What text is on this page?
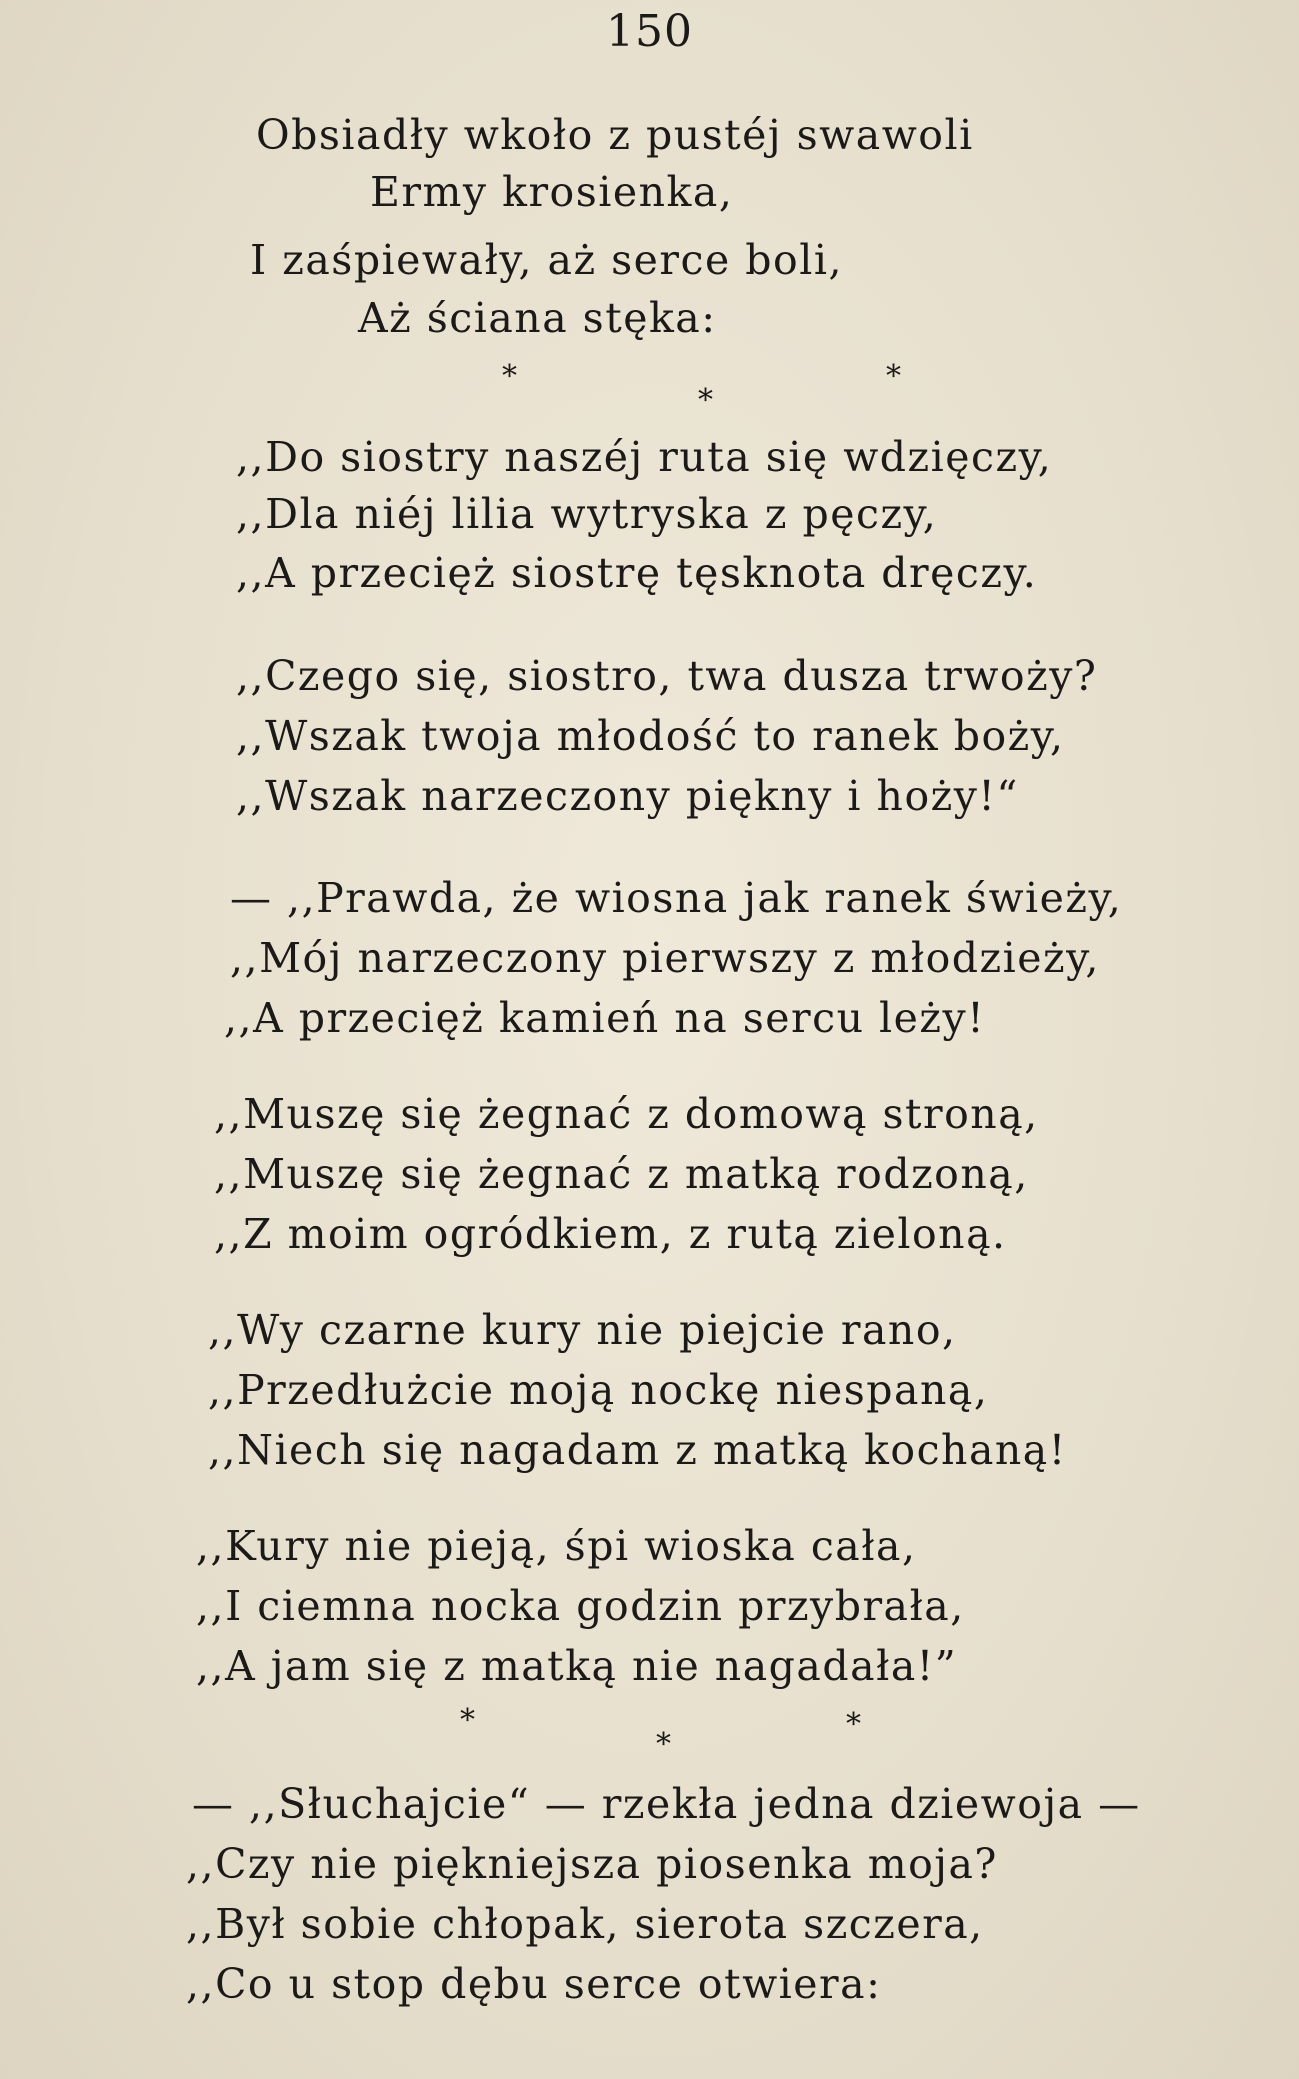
150
Obsiadły wkoło z pustéj swawoli
Ermy krosienka,
I zaśpiewały, aż serce boli,
Aż ściana stęka:
*
*
*
,,Do siostry naszéj ruta się wdzięczy,
,,Dla niéj lilia wytryska z pęczy,
,,A przecięż siostrę tęsknota dręczy.
,,Czego się, siostro, twa dusza trwoży?
,,Wszak twoja młodość to ranek boży,
,,Wszak narzeczony piękny i hoży!“
— ,,Prawda, że wiosna jak ranek świeży,
,,Mój narzeczony pierwszy z młodzieży,
,,A przecięż kamień na sercu leży!
,,Muszę się żegnać z domową stroną,
,,Muszę się żegnać z matką rodzoną,
,,Z moim ogródkiem, z rutą zieloną.
,,Wy czarne kury nie piejcie rano,
,,Przedłużcie moją nockę niespaną,
,,Niech się nagadam z matką kochaną!
,,Kury nie pieją, śpi wioska cała,
,,I ciemna nocka godzin przybrała,
,,A jam się z matką nie nagadała!”
*
*
*
— ,,Słuchajcie“ — rzekła jedna dziewoja —
,,Czy nie piękniejsza piosenka moja?
,,Był sobie chłopak, sierota szczera,
,,Co u stop dębu serce otwiera:
